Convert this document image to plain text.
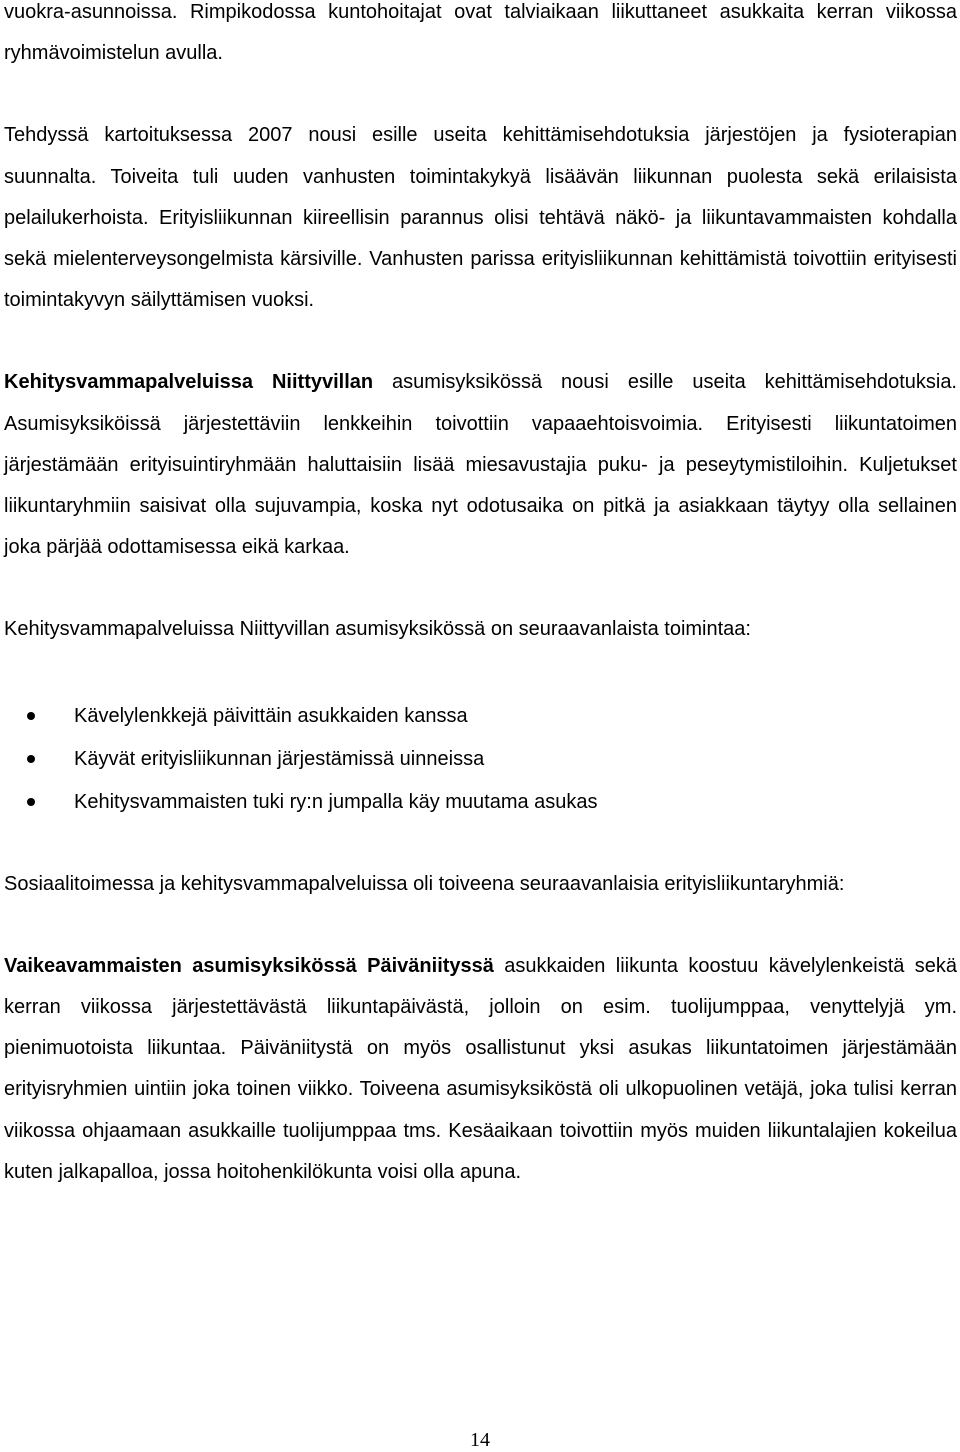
vuokra-asunnoissa. Rimpikodossa kuntohoitajat ovat talviaikaan liikuttaneet asukkaita kerran viikossa ryhmävoimistelun avulla.

Tehdyssä kartoituksessa 2007 nousi esille useita kehittämisehdotuksia järjestöjen ja fysioterapian suunnalta. Toiveita tuli uuden vanhusten toimintakykyä lisäävän liikunnan puolesta sekä erilaisista pelailukerhoista. Erityisliikunnan kiireellisin parannus olisi tehtävä näkö- ja liikuntavammaisten kohdalla sekä mielenterveysongelmista kärsiville. Vanhusten parissa erityisliikunnan kehittämistä toivottiin erityisesti toimintakyvyn säilyttämisen vuoksi.

Kehitysvammapalveluissa Niittyvillan asumisyksikössä nousi esille useita kehittämisehdotuksia. Asumisyksiköissä järjestettäviin lenkkeihin toivottiin vapaaehtoisvoimia. Erityisesti liikuntatoimen järjestämään erityisuintiryhmään haluttaisiin lisää miesavustajia puku- ja peseytymistiloihin. Kuljetukset liikuntaryhmiin saisivat olla sujuvampia, koska nyt odotusaika on pitkä ja asiakkaan täytyy olla sellainen joka pärjää odottamisessa eikä karkaa.

Kehitysvammapalveluissa Niittyvillan asumisyksikössä on seuraavanlaista toimintaa:

Kävelylenkkejä päivittäin asukkaiden kanssa
Käyvät erityisliikunnan järjestämissä uinneissa
Kehitysvammaisten tuki ry:n jumpalla käy muutama asukas

Sosiaalitoimessa ja kehitysvammapalveluissa oli toiveena seuraavanlaisia erityisliikuntaryhmiä:

Vaikeavammaisten asumisyksikössä Päiväniityssä asukkaiden liikunta koostuu kävelylenkeistä sekä kerran viikossa järjestettävästä liikuntapäivästä, jolloin on esim. tuolijumppaa, venyttelyjä ym. pienimuotoista liikuntaa. Päiväniitystä on myös osallistunut yksi asukas liikuntatoimen järjestämään erityisryhmien uintiin joka toinen viikko. Toiveena asumisyksiköstä oli ulkopuolinen vetäjä, joka tulisi kerran viikossa ohjaamaan asukkaille tuolijumppaa tms. Kesäaikaan toivottiin myös muiden liikuntalajien kokeilua kuten jalkapalloa, jossa hoitohenkilökunta voisi olla apuna.

14
